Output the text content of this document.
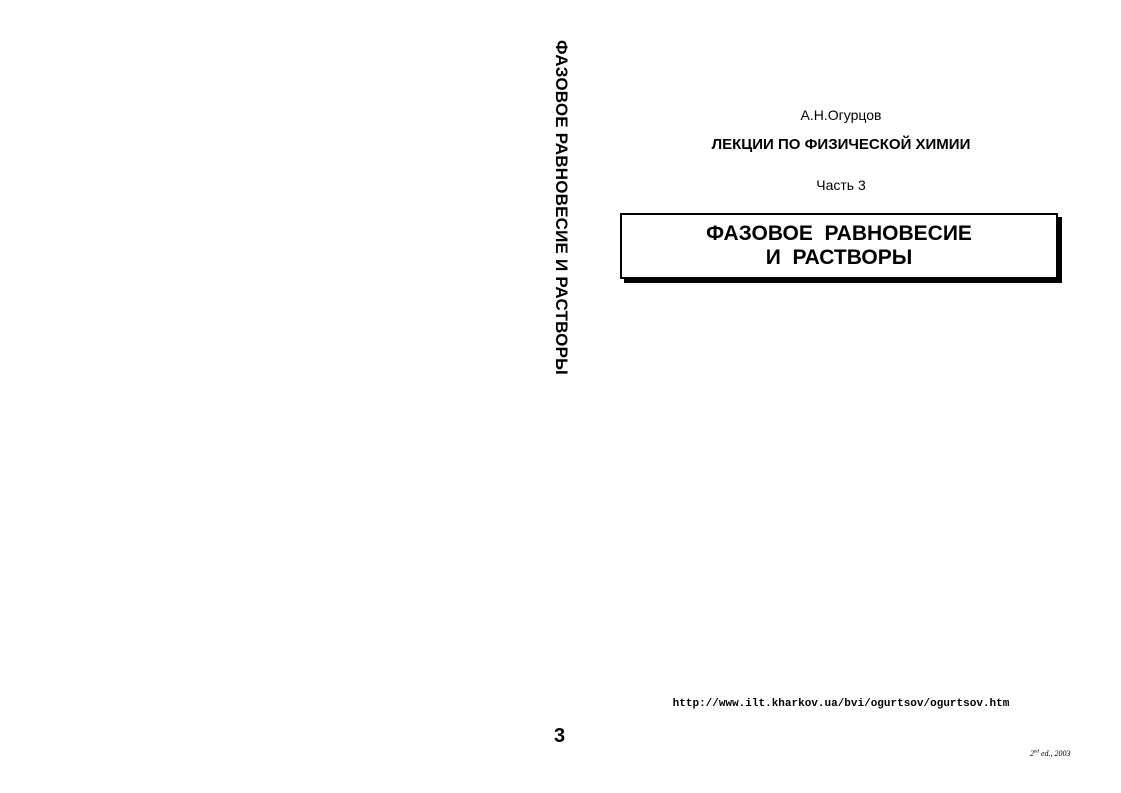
ФАЗОВОЕ РАВНОВЕСИЕ И РАСТВОРЫ
3
А.Н.Огурцов
ЛЕКЦИИ ПО ФИЗИЧЕСКОЙ ХИМИИ
Часть 3
ФАЗОВОЕ  РАВНОВЕСИЕ
И  РАСТВОРЫ
http://www.ilt.kharkov.ua/bvi/ogurtsov/ogurtsov.htm
2nd ed., 2003
